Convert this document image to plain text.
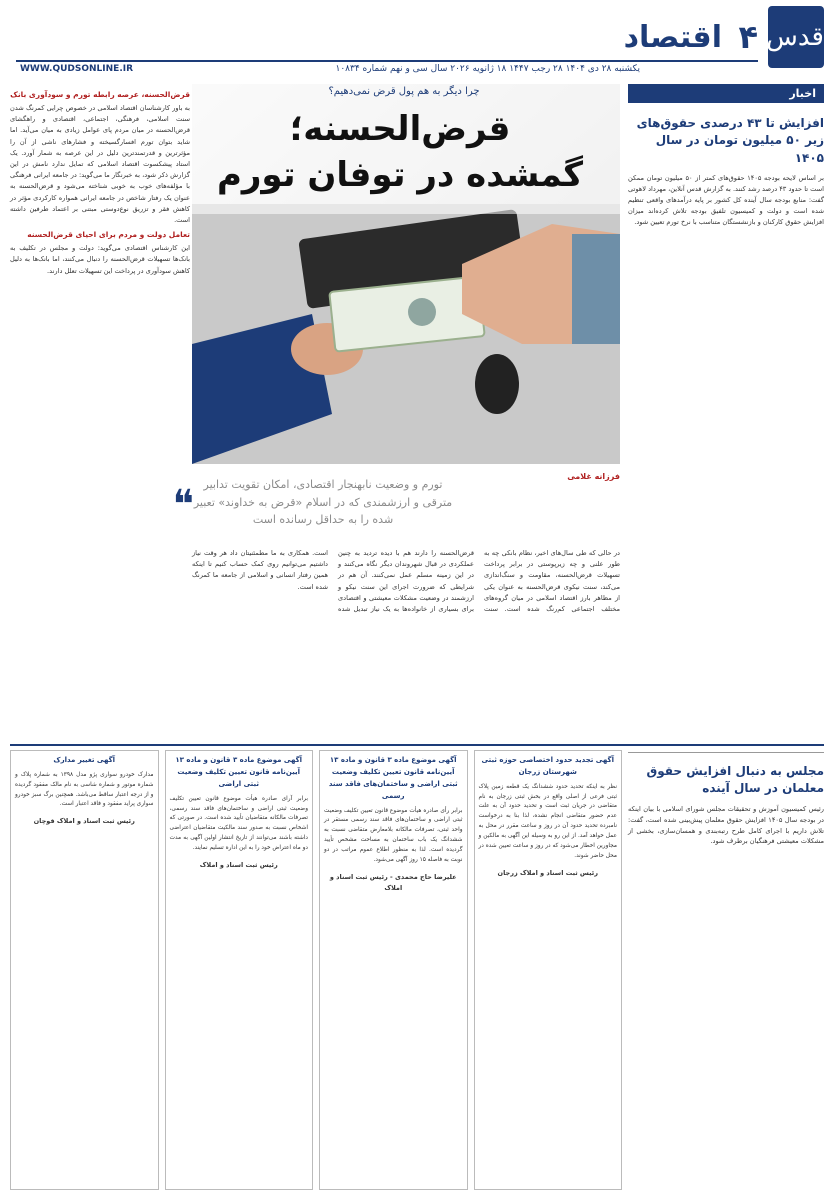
قدس
۴
اقتصاد
یکشنبه ۲۸ دی ۱۴۰۴ ۲۸ رجب ۱۴۴۷ ۱۸ ژانویه ۲۰۲۶ سال سی و نهم شماره ۱۰۸۳۴
WWW.QUDSONLINE.IR
اخبار
افزایش تا ۴۳ درصدی حقوق‌های زیر ۵۰ میلیون تومان در سال ۱۴۰۵
بر اساس لایحه بودجه ۱۴۰۵ حقوق‌های کمتر از ۵۰ میلیون تومان ممکن است تا حدود ۴۳ درصد رشد کنند. به گزارش قدس آنلاین، مهرداد لاهوتی گفت: منابع بودجه سال آینده کل کشور بر پایه درآمدهای واقعی تنظیم شده است و دولت و کمیسیون تلفیق بودجه تلاش کرده‌اند میزان افزایش حقوق کارکنان و بازنشستگان متناسب با نرخ تورم تعیین شود.
مجلس به دنبال افزایش حقوق معلمان در سال آینده
رئیس کمیسیون آموزش و تحقیقات مجلس شورای اسلامی با بیان اینکه در بودجه سال ۱۴۰۵ افزایش حقوق معلمان پیش‌بینی شده است، گفت: تلاش داریم با اجرای کامل طرح رتبه‌بندی و همسان‌سازی، بخشی از مشکلات معیشتی فرهنگیان برطرف شود.
چرا دیگر به هم پول قرض نمی‌دهیم؟
قرض‌الحسنه؛
گمشده در توفان تورم
قرض‌الحسنه، عرصه‌ رابطه تورم و سودآوری بانک
به باور کارشناسان اقتصاد اسلامی در خصوص چرایی کمرنگ شدن سنت اسلامی، فرهنگی، اجتماعی، اقتصادی و راهگشای قرض‌الحسنه در میان مردم پای عوامل زیادی به میان می‌آید. اما شاید بتوان تورم افسارگسیخته و فشارهای ناشی از آن را مؤثرترین و قدرتمندترین دلیل در این عرصه به شمار آورد. یک استاد پیشکسوت اقتصاد اسلامی که تمایل ندارد نامش در این گزارش ذکر شود، به خبرنگار ما می‌گوید: در جامعه ایرانی فرهنگی با مؤلفه‌های خوب به خوبی شناخته می‌شود و قرض‌الحسنه به عنوان یک رفتار شاخص در جامعه ایرانی همواره کارکردی مؤثر در کاهش فقر و تزریق نوع‌دوستی مبتنی بر اعتماد طرفین داشته است.
تعامل دولت و مردم برای احیای قرض‌الحسنه
این کارشناس اقتصادی می‌گوید: دولت و مجلس در تکلیف به بانک‌ها تسهیلات قرض‌الحسنه را دنبال می‌کنند، اما بانک‌ها به دلیل کاهش سودآوری در پرداخت این تسهیلات تعلل دارند.
❝ تورم و وضعیت نابهنجار اقتصادی، امکان تقویت تدابیر مترقی و ارزشمندی که در اسلام «قرض به خداوند» تعبیر شده را به حداقل رسانده است
فرزانه غلامی
در حالی که طی سال‌های اخیر، نظام بانکی چه به طور علنی و چه زیرپوستی در برابر پرداخت تسهیلات قرض‌الحسنه، مقاومت و سنگ‌اندازی می‌کند، سنت نیکوی قرض‌الحسنه به عنوان یکی از مظاهر بارز اقتصاد اسلامی در میان گروه‌های مختلف اجتماعی کم‌رنگ شده است. سنت قرض‌الحسنه را دارند هم با دیده تردید به چنین عملکردی در قبال شهروندان دیگر نگاه می‌کنند و در این زمینه مسلم عمل نمی‌کنند. آن هم در شرایطی که ضرورت اجرای این سنت نیکو و ارزشمند در وضعیت مشکلات معیشتی و اقتصادی برای بسیاری از خانواده‌ها به یک نیاز تبدیل شده است. همکاری به ما مطمئنیتان داد هر وقت نیاز داشتیم می‌توانیم روی کمک حساب کنیم تا اینکه همین رفتار انسانی و اسلامی از جامعه ما کمرنگ شده است.
آگهی تجدید حدود اختصاصی حوزه ثبتی شهرستان زرجان
نظر به اینکه تحدید حدود ششدانگ یک قطعه زمین پلاک ثبتی فرعی از اصلی واقع در بخش ثبتی زرجان به نام متقاضی در جریان ثبت است و تحدید حدود آن به علت عدم حضور متقاضی انجام نشده، لذا بنا به درخواست نامبرده تحدید حدود آن در روز و ساعت مقرر در محل به عمل خواهد آمد. از این رو به وسیله این آگهی به مالکین و مجاورین اخطار می‌شود که در روز و ساعت تعیین شده در محل حاضر شوند.
رئیس ثبت اسناد و املاک زرجان
آگهی موضوع ماده ۳ قانون و ماده ۱۳ آیین‌نامه قانون تعیین تکلیف وضعیت ثبتی اراضی و ساختمان‌های فاقد سند رسمی
برابر رأی صادره هیأت موضوع قانون تعیین تکلیف وضعیت ثبتی اراضی و ساختمان‌های فاقد سند رسمی مستقر در واحد ثبتی، تصرفات مالکانه بلامعارض متقاضی نسبت به ششدانگ یک باب ساختمان به مساحت مشخص تأیید گردیده است. لذا به منظور اطلاع عموم مراتب در دو نوبت به فاصله ۱۵ روز آگهی می‌شود.
علیرضا حاج محمدی - رئیس ثبت اسناد و املاک
آگهی موضوع ماده ۳ قانون و ماده ۱۳ آیین‌نامه قانون تعیین تکلیف وضعیت ثبتی اراضی
برابر آرای صادره هیأت موضوع قانون تعیین تکلیف وضعیت ثبتی اراضی و ساختمان‌های فاقد سند رسمی، تصرفات مالکانه متقاضیان تأیید شده است. در صورتی که اشخاص نسبت به صدور سند مالکیت متقاضیان اعتراضی داشته باشند می‌توانند از تاریخ انتشار اولین آگهی به مدت دو ماه اعتراض خود را به این اداره تسلیم نمایند.
رئیس ثبت اسناد و املاک
آگهی تغییر مدارک
مدارک خودرو سواری پژو مدل ۱۳۹۸ به شماره پلاک و شماره موتور و شماره شاسی به نام مالک مفقود گردیده و از درجه اعتبار ساقط می‌باشد. همچنین برگ سبز خودرو سواری پراید مفقود و فاقد اعتبار است.
رئیس ثبت اسناد و املاک قوچان
